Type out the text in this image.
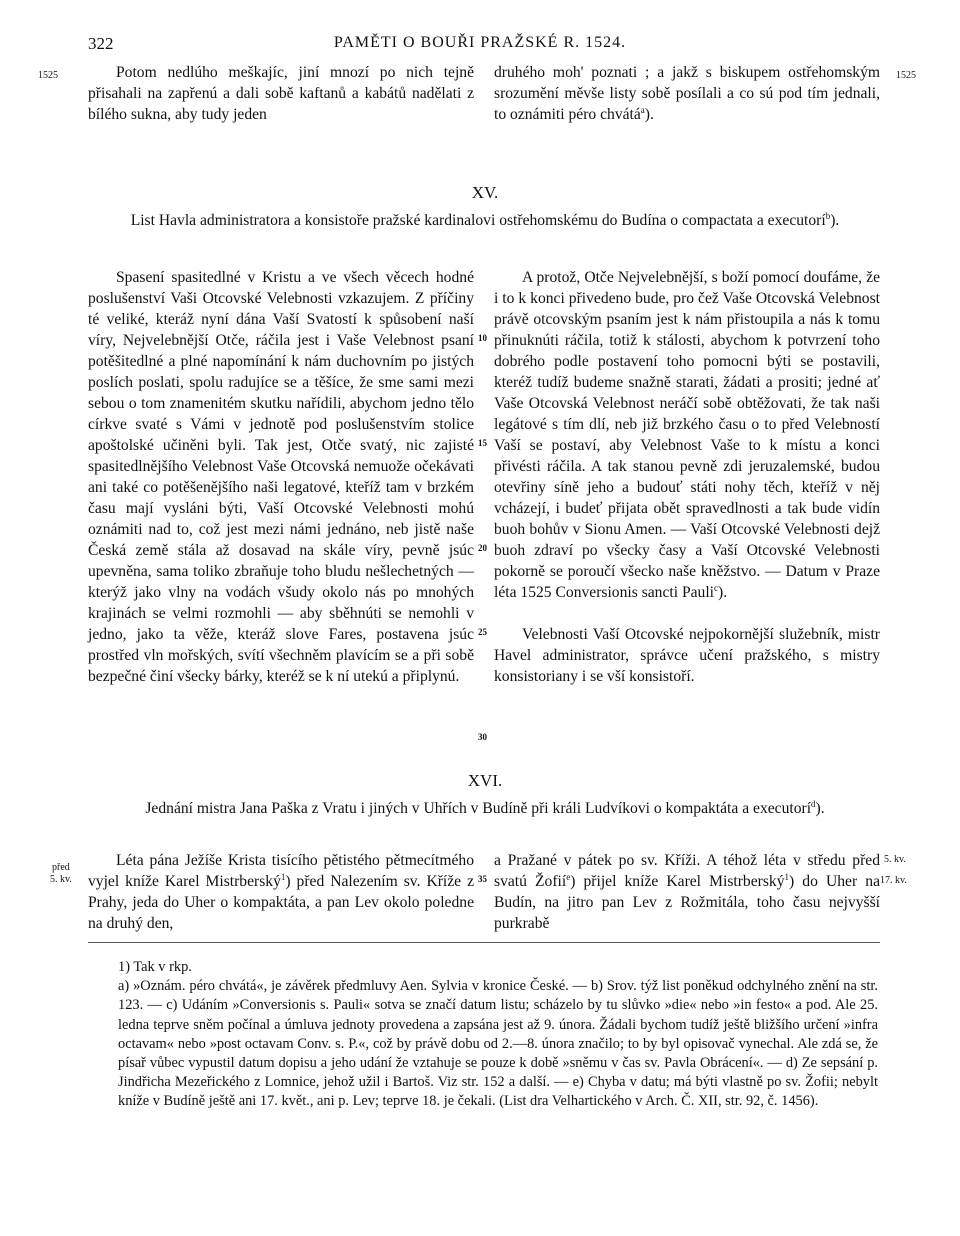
322	PAMĚTI O BOUŘI PRAŽSKÉ R. 1524.
1525	1525

Potom nedlúho meškajíc, jiní mnozí po nich tejně přisahali na zapřenú a dali sobě kaftanů a kabátů nadělati z bílého sukna, aby tudy jeden

druhého moh' poznati ; a jakž s biskupem ostřehomským srozumění měvše listy sobě posílali a co sú pod tím jednali, to oznámiti péro chvátá$^a$).

XV.
List Havla administratora a konsistoře pražské kardinalovi ostřehomskému do Budína o compactata a executorí$^b$).

Spasení spasitedlné v Kristu a ve všech věcech hodné poslušenství Vaši Otcovské Velebnosti vzkazujem. Z příčiny té veliké, kteráž nyní dána Vaší Svatostí k spůsobení naší víry, Nejvelebnější Otče, ráčila jest i Vaše Velebnost psaní potěšitedlné a plné napomínání k nám duchovním po jistých poslích poslati, spolu radujíce se a těšíce, že sme sami mezi sebou o tom znamenitém skutku nařídili, abychom jedno tělo církve svaté s Vámi v jednotě pod poslušenstvím stolice apoštolské učiněni byli. Tak jest, Otče svatý, nic zajisté spasitedlnějšího Velebnost Vaše Otcovská nemuože očekávati ani také co potěšenějšího naši legatové, kteříž tam v brzkém času mají vysláni býti, Vaší Otcovské Velebnosti mohú oznámiti nad to, což jest mezi námi jednáno, neb jistě naše Česká země stála až dosavad na skále víry, pevně jsúc upevněna, sama toliko zbraňuje toho bludu nešlechetných — kterýž jako vlny na vodách všudy okolo nás po mnohých krajinách se velmi rozmohli — aby sběhnúti se nemohli v jedno, jako ta věže, kteráž slove Fares, postavena jsúc prostřed vln mořských, svítí všechněm plavícím se a při sobě bezpečné činí všecky bárky, kteréž se k ní utekú a připlynú.

A protož, Otče Nejvelebnější, s boží pomocí doufáme, že i to k konci přivedeno bude, pro čež Vaše Otcovská Velebnost právě otcovským psaním jest k nám přistoupila a nás k tomu přinuknúti ráčila, totiž k stálosti, abychom k potvrzení toho dobrého podle postavení toho pomocni býti se postavili, kteréž tudíž budeme snažně starati, žádati a prositi; jedné ať Vaše Otcovská Velebnost neráčí sobě obtěžovati, že tak naši legátové s tím dlí, neb již brzkého času o to před Velebností Vaší se postaví, aby Velebnost Vaše to k místu a konci přivésti ráčila. A tak stanou pevně zdi jeruzalemské, budou otevřiny síně jeho a budouť státi nohy těch, kteříž v něj vcházejí, i budeť přijata obět spravedlnosti a tak bude vidín buoh bohův v Sionu Amen. — Vaší Otcovské Velebnosti dejž buoh zdraví po všecky časy a Vaší Otcovské Velebnosti pokorně se poroučí všecko naše kněžstvo. — Datum v Praze léta 1525 Conversionis sancti Pauli$^c$).

Velebnosti Vaší Otcovské nejpokornější služebník, mistr Havel administrator, správce učení pražského, s mistry konsistoriany i se vší konsistoří.

10
15
20
25
30
XVI.
Jednání mistra Jana Paška z Vratu i jiných v Uhřích v Budíně při králi Ludvíkovi o kompaktáta a executorí$^d$).
před
5. kv.
5. kv.
17. kv.

Léta pána Ježíše Krista tisícího pětistého pětmecítmého vyjel kníže Karel Mistrberský$^1$) před Nalezením sv. Kříže z Prahy, jeda do Uher o kompaktáta, a pan Lev okolo poledne na druhý den,

35

a Pražané v pátek po sv. Kříži. A téhož léta v středu před svatú Žofií$^e$) přijel kníže Karel Mistrberský$^1$) do Uher na Budín, na jitro pan Lev z Rožmitála, toho času nejvyšší purkrabě

1) Tak v rkp.

a) »Oznám. péro chvátá«, je závěrek předmluvy Aen. Sylvia v kronice České. — b) Srov. týž list poněkud odchylného znění na str. 123. — c) Udáním »Conversionis s. Pauli« sotva se značí datum listu; scházelo by tu slůvko »die« nebo »in festo« a pod. Ale 25. ledna teprve sněm počínal a úmluva jednoty provedena a zapsána jest až 9. února. Žádali bychom tudíž ještě bližšího určení »infra octavam« nebo »post octavam Conv. s. P.«, což by právě dobu od 2.—8. února značilo; to by byl opisovač vynechal. Ale zdá se, že písař vůbec vypustil datum dopisu a jeho udání že vztahuje se pouze k době »sněmu v čas sv. Pavla Obrácení«. — d) Ze sepsání p. Jindřicha Mezeřického z Lomnice, jehož užil i Bartoš. Viz str. 152 a další. — e) Chyba v datu; má býti vlastně po sv. Žofii; nebylt kníže v Budíně ještě ani 17. květ., ani p. Lev; teprve 18. je čekali. (List dra Velhartického v Arch. Č. XII, str. 92, č. 1456).
